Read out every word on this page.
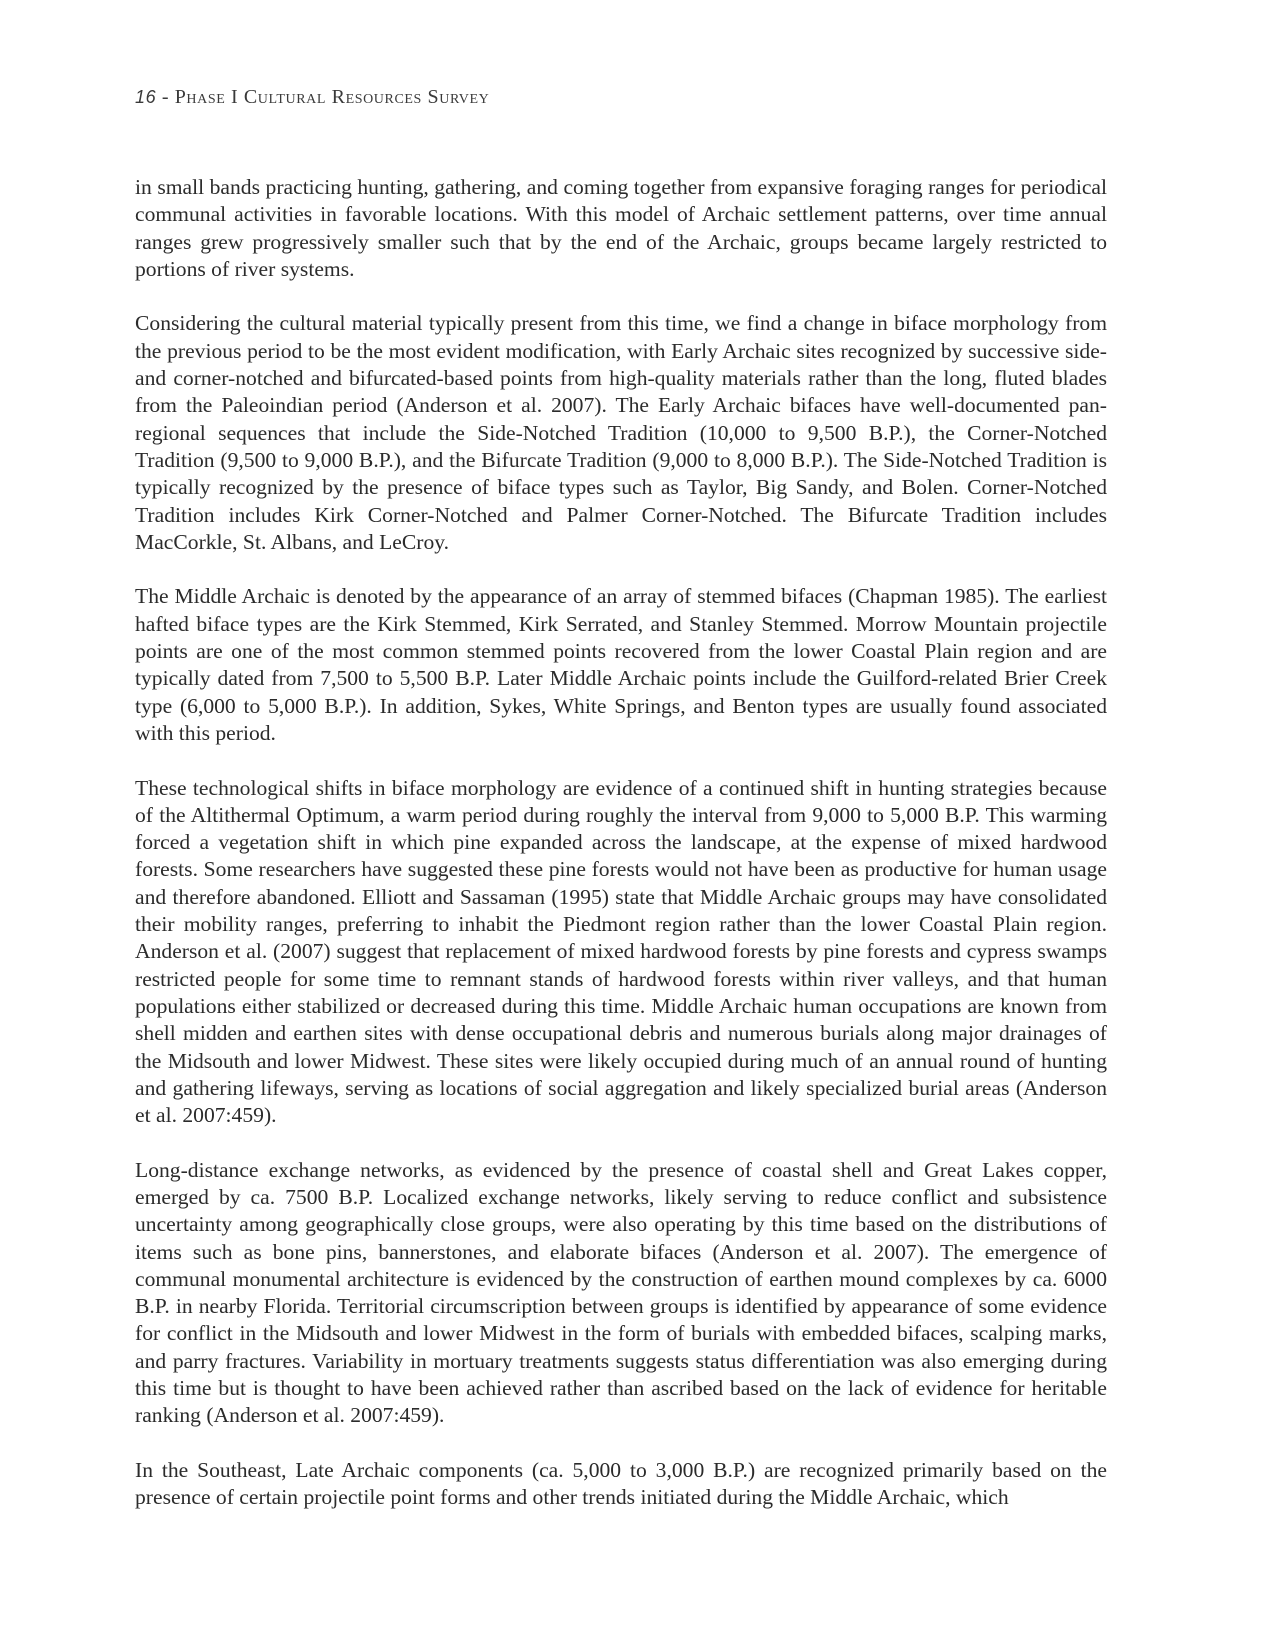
16 - Phase I Cultural Resources Survey

in small bands practicing hunting, gathering, and coming together from expansive foraging ranges for periodical communal activities in favorable locations. With this model of Archaic settlement patterns, over time annual ranges grew progressively smaller such that by the end of the Archaic, groups became largely restricted to portions of river systems.

Considering the cultural material typically present from this time, we find a change in biface morphology from the previous period to be the most evident modification, with Early Archaic sites recognized by successive side- and corner-notched and bifurcated-based points from high-quality materials rather than the long, fluted blades from the Paleoindian period (Anderson et al. 2007). The Early Archaic bifaces have well-documented pan-regional sequences that include the Side-Notched Tradition (10,000 to 9,500 B.P.), the Corner-Notched Tradition (9,500 to 9,000 B.P.), and the Bifurcate Tradition (9,000 to 8,000 B.P.). The Side-Notched Tradition is typically recognized by the presence of biface types such as Taylor, Big Sandy, and Bolen. Corner-Notched Tradition includes Kirk Corner-Notched and Palmer Corner-Notched. The Bifurcate Tradition includes MacCorkle, St. Albans, and LeCroy.

The Middle Archaic is denoted by the appearance of an array of stemmed bifaces (Chapman 1985). The earliest hafted biface types are the Kirk Stemmed, Kirk Serrated, and Stanley Stemmed. Morrow Mountain projectile points are one of the most common stemmed points recovered from the lower Coastal Plain region and are typically dated from 7,500 to 5,500 B.P. Later Middle Archaic points include the Guilford-related Brier Creek type (6,000 to 5,000 B.P.). In addition, Sykes, White Springs, and Benton types are usually found associated with this period.

These technological shifts in biface morphology are evidence of a continued shift in hunting strategies because of the Altithermal Optimum, a warm period during roughly the interval from 9,000 to 5,000 B.P. This warming forced a vegetation shift in which pine expanded across the landscape, at the expense of mixed hardwood forests. Some researchers have suggested these pine forests would not have been as productive for human usage and therefore abandoned. Elliott and Sassaman (1995) state that Middle Archaic groups may have consolidated their mobility ranges, preferring to inhabit the Piedmont region rather than the lower Coastal Plain region. Anderson et al. (2007) suggest that replacement of mixed hardwood forests by pine forests and cypress swamps restricted people for some time to remnant stands of hardwood forests within river valleys, and that human populations either stabilized or decreased during this time. Middle Archaic human occupations are known from shell midden and earthen sites with dense occupational debris and numerous burials along major drainages of the Midsouth and lower Midwest. These sites were likely occupied during much of an annual round of hunting and gathering lifeways, serving as locations of social aggregation and likely specialized burial areas (Anderson et al. 2007:459).

Long-distance exchange networks, as evidenced by the presence of coastal shell and Great Lakes copper, emerged by ca. 7500 B.P. Localized exchange networks, likely serving to reduce conflict and subsistence uncertainty among geographically close groups, were also operating by this time based on the distributions of items such as bone pins, bannerstones, and elaborate bifaces (Anderson et al. 2007). The emergence of communal monumental architecture is evidenced by the construction of earthen mound complexes by ca. 6000 B.P. in nearby Florida. Territorial circumscription between groups is identified by appearance of some evidence for conflict in the Midsouth and lower Midwest in the form of burials with embedded bifaces, scalping marks, and parry fractures. Variability in mortuary treatments suggests status differentiation was also emerging during this time but is thought to have been achieved rather than ascribed based on the lack of evidence for heritable ranking (Anderson et al. 2007:459).

In the Southeast, Late Archaic components (ca. 5,000 to 3,000 B.P.) are recognized primarily based on the presence of certain projectile point forms and other trends initiated during the Middle Archaic, which
